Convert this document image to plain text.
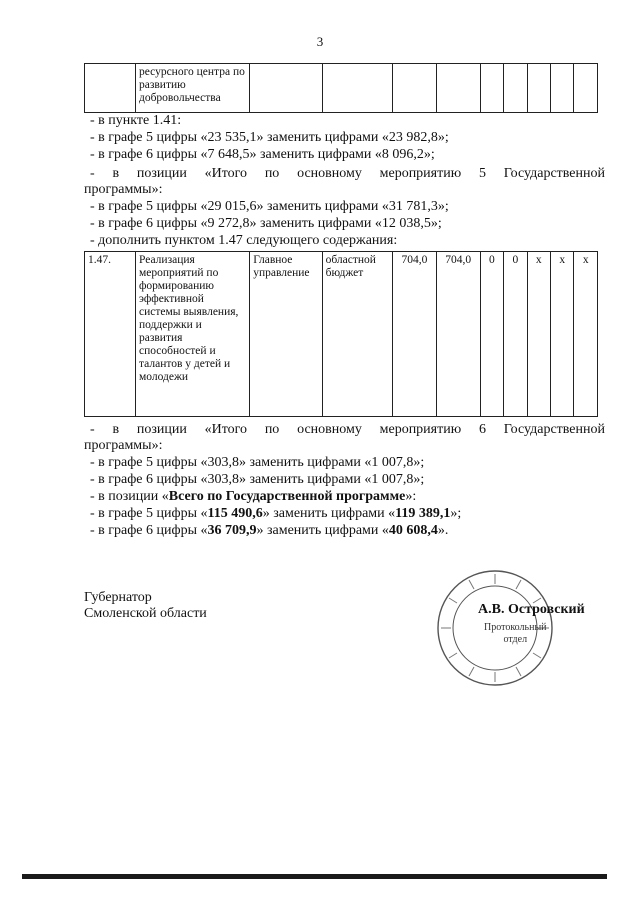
3
	ресурсного центра по развитию добровольчества									
- в пункте 1.41:
- в графе 5 цифры «23 535,1» заменить цифрами «23 982,8»;
- в графе 6 цифры «7 648,5» заменить цифрами «8 096,2»;
- в позиции «Итого по основному мероприятию 5 Государственной
программы»:
- в графе 5 цифры «29 015,6» заменить цифрами «31 781,3»;
- в графе 6 цифры «9 272,8» заменить цифрами «12 038,5»;
- дополнить пунктом 1.47 следующего содержания:
1.47.	Реализация мероприятий по формированию эффективной системы выявления, поддержки и развития способностей и талантов у детей и молодежи	Главное управление	областной бюджет	704,0	704,0	0	0	х	х	х
- в позиции «Итого по основному мероприятию 6 Государственной
программы»:
- в графе 5 цифры «303,8» заменить цифрами «1 007,8»;
- в графе 6 цифры «303,8» заменить цифрами «1 007,8»;
- в позиции «Всего по Государственной программе»:
- в графе 5 цифры «115 490,6» заменить цифрами «119 389,1»;
- в графе 6 цифры «36 709,9» заменить цифрами «40 608,4».
Губернатор
Смоленской области
Протокольный
отдел
А.В. Островский
